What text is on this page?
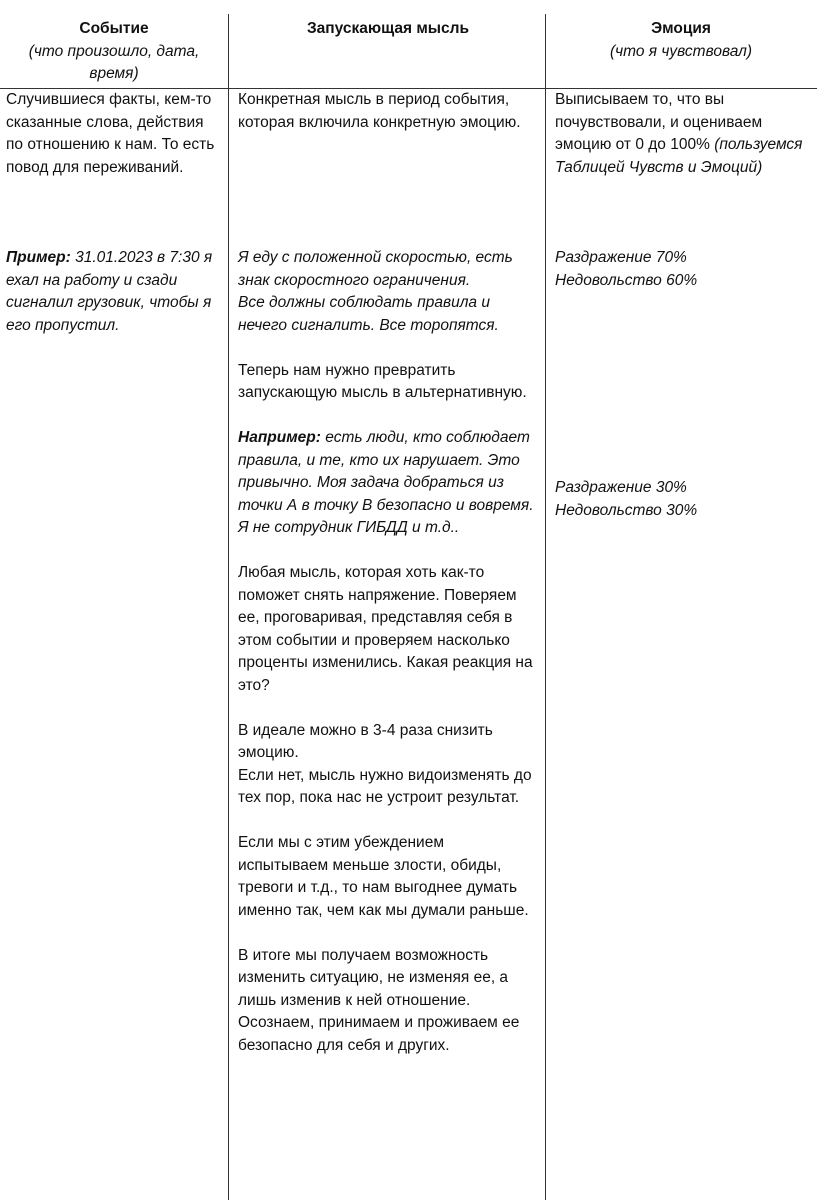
Событие
(что произошло, дата, время)
Запускающая мысль	Эмоция
(что я чувствовал)

Случившиеся факты, кем-то сказанные слова, действия по отношению к нам. То есть повод для переживаний.

Пример: 31.01.2023 в 7:30 я ехал на работу и сзади сигналил грузовик, чтобы я его пропустил.

Конкретная мысль в период события, которая включила конкретную эмоцию.

Я еду с положенной скоростью, есть знак скоростного ограничения.

Все должны соблюдать правила и нечего сигналить. Все торопятся.

Теперь нам нужно превратить запускающую мысль в альтернативную.

Например: есть люди, кто соблюдает правила, и те, кто их нарушает. Это привычно. Моя задача добраться из точки А в точку В безопасно и вовремя. Я не сотрудник ГИБДД и т.д..

Любая мысль, которая хоть как-то поможет снять напряжение. Поверяем ее, проговаривая, представляя себя в этом событии и проверяем насколько проценты изменились. Какая реакция на это?

В идеале можно в 3-4 раза снизить эмоцию.

Если нет, мысль нужно видоизменять до тех пор, пока нас не устроит результат.

Если мы с этим убеждением испытываем меньше злости, обиды, тревоги и т.д., то нам выгоднее думать именно так, чем как мы думали раньше.

В итоге мы получаем возможность изменить ситуацию, не изменяя ее, а лишь изменив к ней отношение. Осознаем, принимаем и проживаем ее безопасно для себя и других.

Выписываем то, что вы почувствовали, и оцениваем эмоцию от 0 до 100% (пользуемся Таблицей Чувств и Эмоций)

Раздражение 70%

Недовольство 60%

Раздражение 30%

Недовольство 30%
